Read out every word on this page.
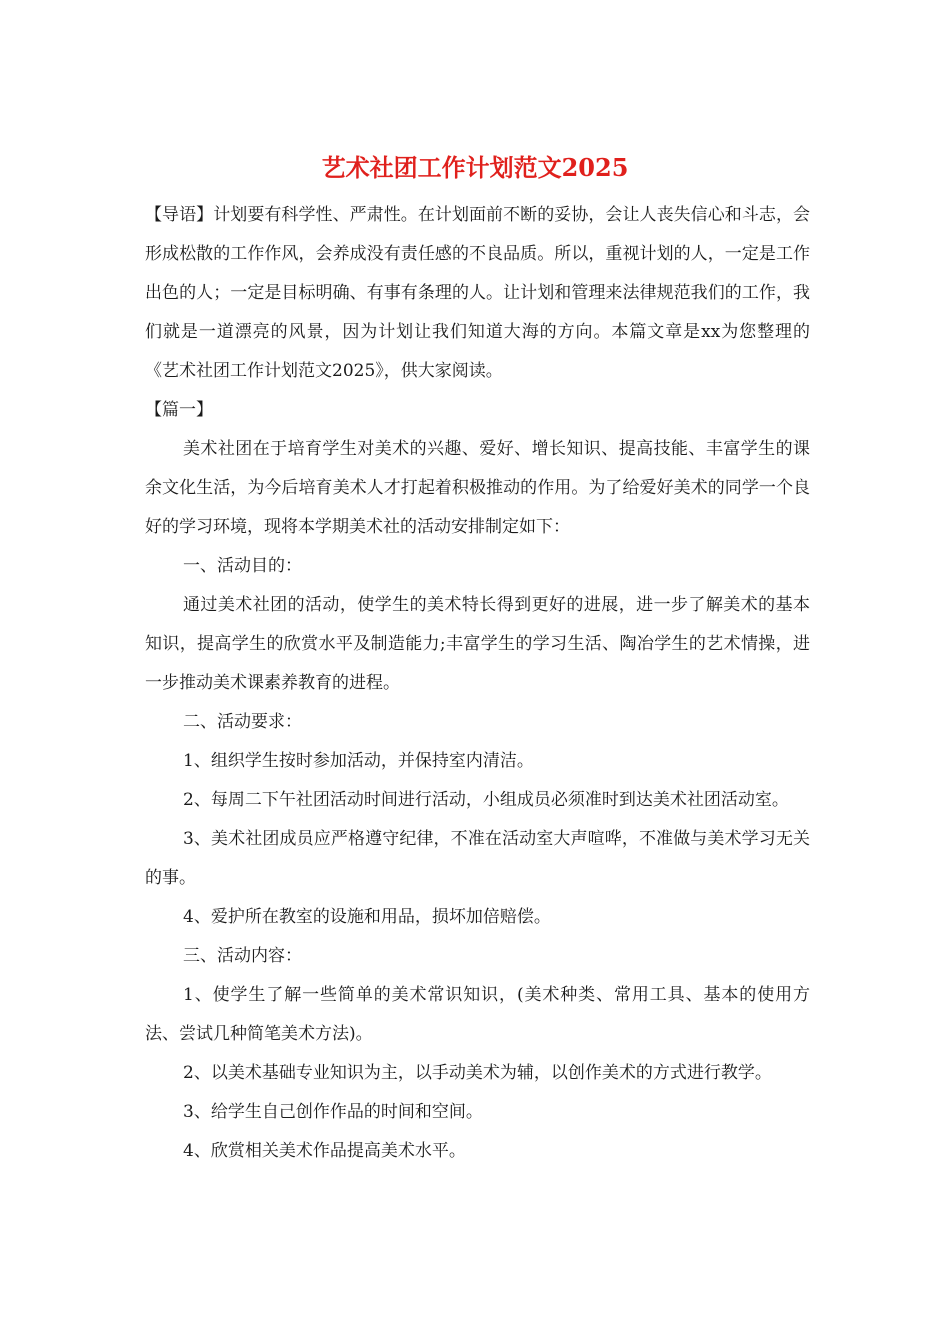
艺术社团工作计划范文2025

【导语】计划要有科学性、严肃性。在计划面前不断的妥协，会让人丧失信心和斗志，会形成松散的工作作风，会养成没有责任感的不良品质。所以，重视计划的人，一定是工作出色的人；一定是目标明确、有事有条理的人。让计划和管理来法律规范我们的工作，我们就是一道漂亮的风景，因为计划让我们知道大海的方向。本篇文章是xx为您整理的《艺术社团工作计划范文2025》，供大家阅读。

【篇一】

美术社团在于培育学生对美术的兴趣、爱好、增长知识、提高技能、丰富学生的课余文化生活，为今后培育美术人才打起着积极推动的作用。为了给爱好美术的同学一个良好的学习环境，现将本学期美术社的活动安排制定如下：

一、活动目的：

通过美术社团的活动，使学生的美术特长得到更好的进展，进一步了解美术的基本知识，提高学生的欣赏水平及制造能力;丰富学生的学习生活、陶冶学生的艺术情操，进一步推动美术课素养教育的进程。

二、活动要求：

1、组织学生按时参加活动，并保持室内清洁。

2、每周二下午社团活动时间进行活动，小组成员必须准时到达美术社团活动室。

3、美术社团成员应严格遵守纪律，不准在活动室大声喧哗，不准做与美术学习无关的事。

4、爱护所在教室的设施和用品，损坏加倍赔偿。

三、活动内容：

1、使学生了解一些简单的美术常识知识，(美术种类、常用工具、基本的使用方法、尝试几种简笔美术方法)。

2、以美术基础专业知识为主，以手动美术为辅，以创作美术的方式进行教学。

3、给学生自己创作作品的时间和空间。

4、欣赏相关美术作品提高美术水平。
